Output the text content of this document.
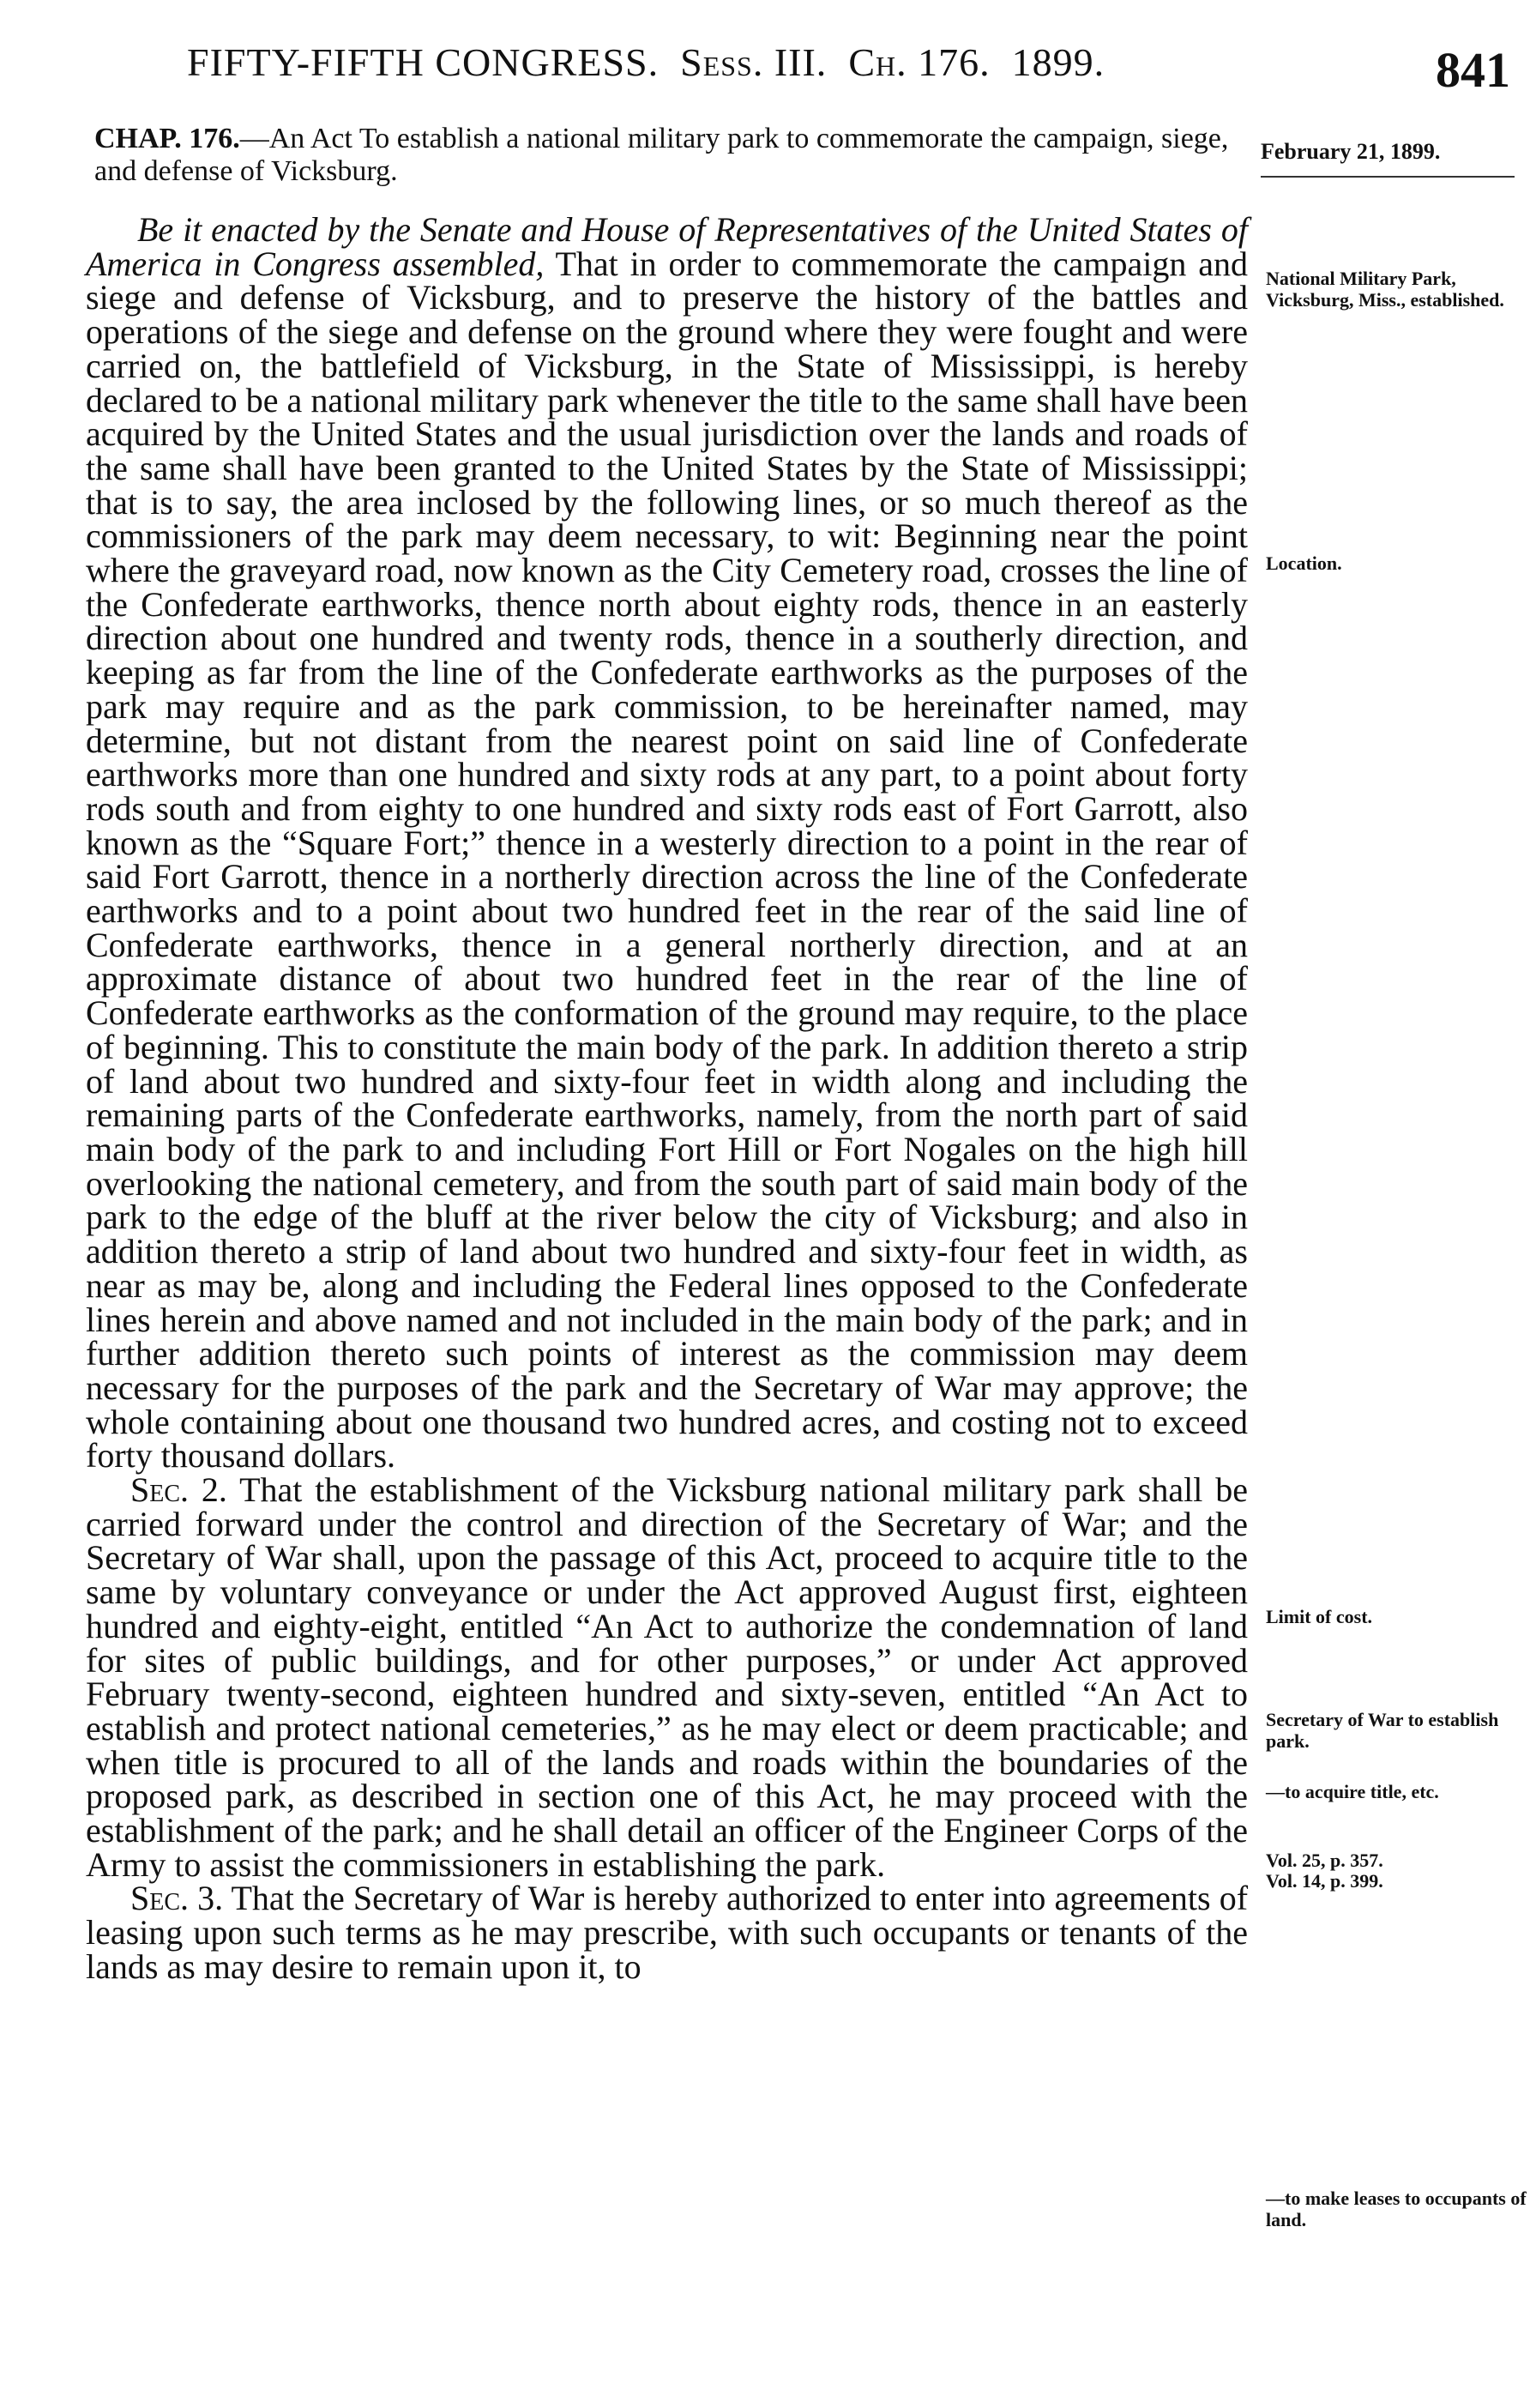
FIFTY-FIFTH CONGRESS. Sess. III. Ch. 176. 1899.	841
CHAP. 176.—An Act To establish a national military park to commemorate the campaign, siege, and defense of Vicksburg.
February 21, 1899.

Be it enacted by the Senate and House of Representatives of the United States of America in Congress assembled, That in order to commemorate the campaign and siege and defense of Vicksburg, and to preserve the history of the battles and operations of the siege and defense on the ground where they were fought and were carried on, the battlefield of Vicksburg, in the State of Mississippi, is hereby declared to be a national military park whenever the title to the same shall have been acquired by the United States and the usual jurisdiction over the lands and roads of the same shall have been granted to the United States by the State of Mississippi; that is to say, the area inclosed by the following lines, or so much thereof as the commissioners of the park may deem necessary, to wit: Beginning near the point where the graveyard road, now known as the City Cemetery road, crosses the line of the Confederate earthworks, thence north about eighty rods, thence in an easterly direction about one hundred and twenty rods, thence in a southerly direction, and keeping as far from the line of the Confederate earthworks as the purposes of the park may require and as the park commission, to be hereinafter named, may determine, but not distant from the nearest point on said line of Confederate earthworks more than one hundred and sixty rods at any part, to a point about forty rods south and from eighty to one hundred and sixty rods east of Fort Garrott, also known as the “Square Fort;” thence in a westerly direction to a point in the rear of said Fort Garrott, thence in a northerly direction across the line of the Confederate earthworks and to a point about two hundred feet in the rear of the said line of Confederate earthworks, thence in a general northerly direction, and at an approximate distance of about two hundred feet in the rear of the line of Confederate earthworks as the conformation of the ground may require, to the place of beginning. This to constitute the main body of the park. In addition thereto a strip of land about two hundred and sixty-four feet in width along and including the remaining parts of the Confederate earthworks, namely, from the north part of said main body of the park to and including Fort Hill or Fort Nogales on the high hill overlooking the national cemetery, and from the south part of said main body of the park to the edge of the bluff at the river below the city of Vicksburg; and also in addition thereto a strip of land about two hundred and sixty-four feet in width, as near as may be, along and including the Federal lines opposed to the Confederate lines herein and above named and not included in the main body of the park; and in further addition thereto such points of interest as the commission may deem necessary for the purposes of the park and the Secretary of War may approve; the whole containing about one thousand two hundred acres, and costing not to exceed forty thousand dollars.

Sec. 2. That the establishment of the Vicksburg national military park shall be carried forward under the control and direction of the Secretary of War; and the Secretary of War shall, upon the passage of this Act, proceed to acquire title to the same by voluntary conveyance or under the Act approved August first, eighteen hundred and eighty-eight, entitled “An Act to authorize the condemnation of land for sites of public buildings, and for other purposes,” or under Act approved February twenty-second, eighteen hundred and sixty-seven, entitled “An Act to establish and protect national cemeteries,” as he may elect or deem practicable; and when title is procured to all of the lands and roads within the boundaries of the proposed park, as described in section one of this Act, he may proceed with the establishment of the park; and he shall detail an officer of the Engineer Corps of the Army to assist the commissioners in establishing the park.

Sec. 3. That the Secretary of War is hereby authorized to enter into agreements of leasing upon such terms as he may prescribe, with such occupants or tenants of the lands as may desire to remain upon it, to

National Military Park, Vicksburg, Miss., established.
Location.
Limit of cost.
Secretary of War to establish park.
—to acquire title, etc.
Vol. 25, p. 357.
Vol. 14, p. 399.
—to make leases to occupants of land.
